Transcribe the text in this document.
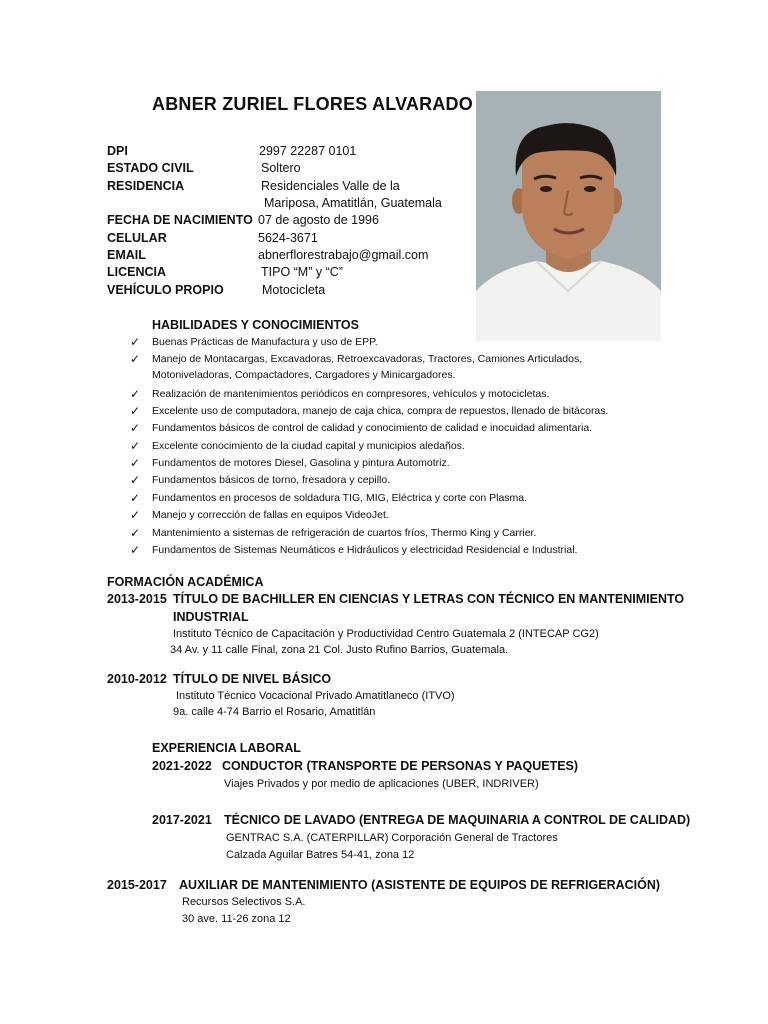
ABNER ZURIEL FLORES ALVARADO
DPI	2997 22287 0101
ESTADO CIVIL	Soltero
RESIDENCIA	Residenciales Valle de la
Mariposa, Amatitlán, Guatemala
FECHA DE NACIMIENTO 07 de agosto de 1996
CELULAR	5624-3671
EMAIL	abnerflorestrabajo@gmail.com
LICENCIA	TIPO “M” y “C”
VEHÍCULO PROPIO	Motocicleta
HABILIDADES Y CONOCIMIENTOS
✓ Buenas Prácticas de Manufactura y uso de EPP.
✓ Manejo de Montacargas, Excavadoras, Retroexcavadoras, Tractores, Camiones Articulados,
Motoniveladoras, Compactadores, Cargadores y Minicargadores.
✓ Realización de mantenimientos periódicos en compresores, vehículos y motocicletas.
✓ Excelente uso de computadora, manejo de caja chica, compra de repuestos, llenado de bitácoras.
✓ Fundamentos básicos de control de calidad y conocimiento de calidad e inocuidad alimentaria.
✓ Excelente conocimiento de la ciudad capital y municipios aledaños.
✓ Fundamentos de motores Diesel, Gasolina y pintura Automotriz.
✓ Fundamentos básicos de torno, fresadora y cepillo.
✓ Fundamentos en procesos de soldadura TIG, MIG, Eléctrica y corte con Plasma.
✓ Manejo y corrección de fallas en equipos VideoJet.
✓ Mantenimiento a sistemas de refrigeración de cuartos fríos, Thermo King y Carrier.
✓ Fundamentos de Sistemas Neumáticos e Hidráulicos y electricidad Residencial e Industrial.
FORMACIÓN ACADÉMICA
2013-2015 TÍTULO DE BACHILLER EN CIENCIAS Y LETRAS CON TÉCNICO EN MANTENIMIENTO
INDUSTRIAL
Instituto Técnico de Capacitación y Productividad Centro Guatemala 2 (INTECAP CG2)
34 Av. y 11 calle Final, zona 21 Col. Justo Rufino Barrios, Guatemala.
2010-2012 TÍTULO DE NIVEL BÁSICO
Instituto Técnico Vocacional Privado Amatitlaneco (ITVO)
9a. calle 4-74 Barrio el Rosario, Amatitlán
EXPERIENCIA LABORAL
2021-2022 CONDUCTOR (TRANSPORTE DE PERSONAS Y PAQUETES)
Viajes Privados y por medio de aplicaciones (UBER, INDRIVER)
2017-2021 TÉCNICO DE LAVADO (ENTREGA DE MAQUINARIA A CONTROL DE CALIDAD)
GENTRAC S.A. (CATERPILLAR) Corporación General de Tractores
Calzada Aguilar Batres 54-41, zona 12
2015-2017 AUXILIAR DE MANTENIMIENTO (ASISTENTE DE EQUIPOS DE REFRIGERACIÓN)
Recursos Selectivos S.A.
30 ave. 11-26 zona 12
